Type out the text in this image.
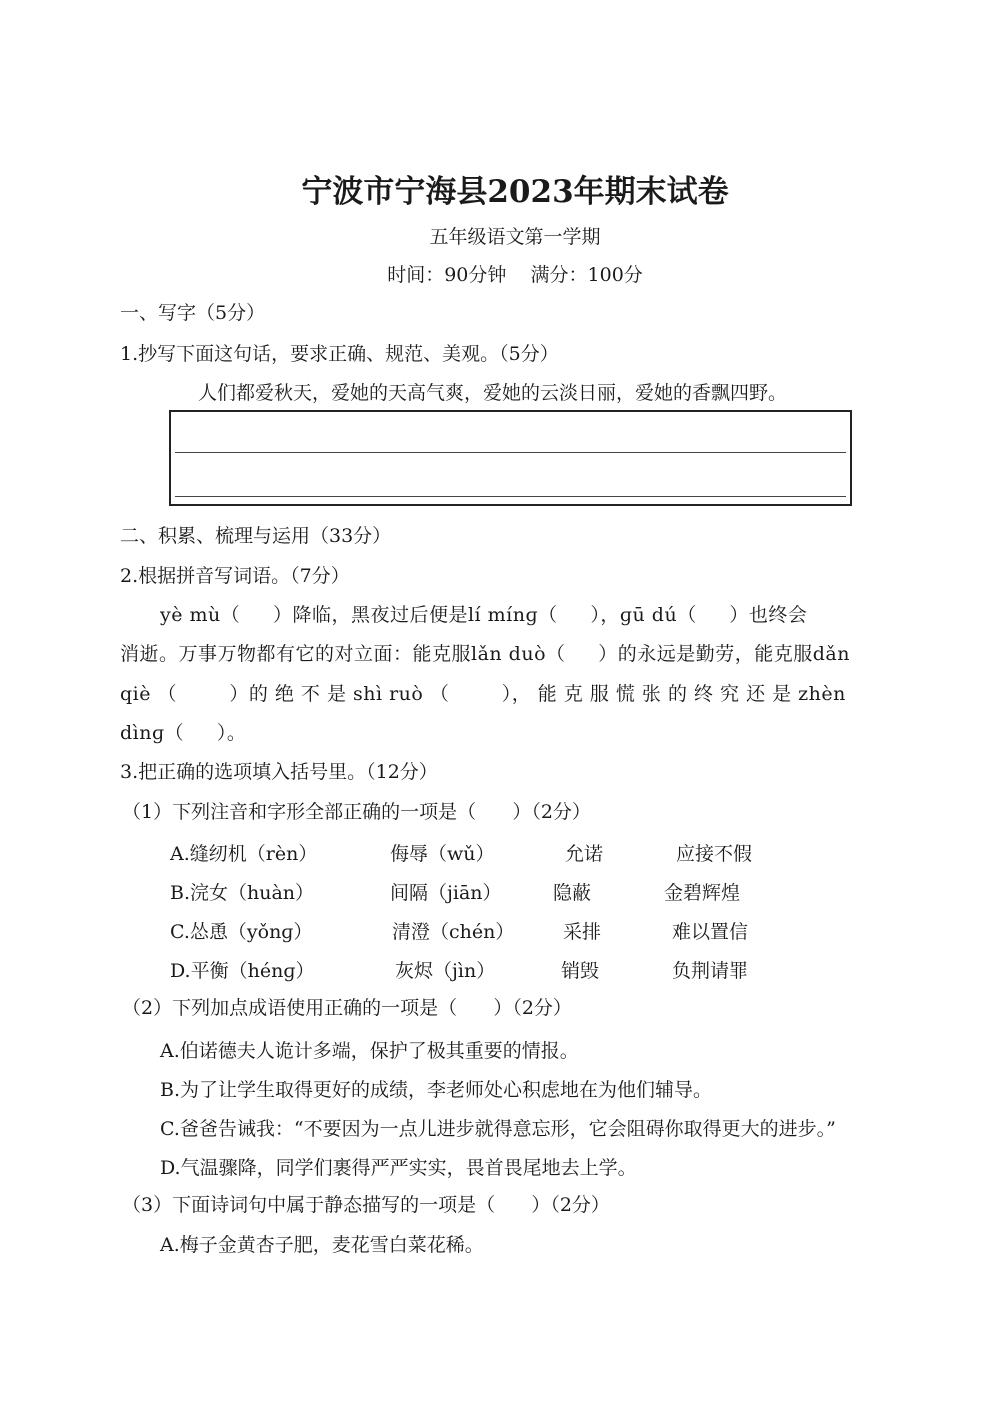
宁波市宁海县2023年期末试卷
五年级语文第一学期
时间：90分钟    满分：100分
一、写字（5分）
1.抄写下面这句话，要求正确、规范、美观。（5分）
人们都爱秋天，爱她的天高气爽，爱她的云淡日丽，爱她的香飘四野。
二、积累、梳理与运用（33分）
2.根据拼音写词语。（7分）
yè mù（     ）降临，黑夜过后便是lí mínɡ（     ），ɡū dú（     ）也终会
消逝。万事万物都有它的对立面：能克服lǎn duò（     ）的永远是勤劳，能克服dǎn
qiè （        ）的 绝 不 是 shì ruò （        ）， 能 克 服 慌 张 的 终 究 还 是 zhèn
dìnɡ（     ）。
3.把正确的选项填入括号里。（12分）
（1）下列注音和字形全部正确的一项是（      ）（2分）
A.缝纫机（rèn）	侮辱（wǔ）	允诺	应接不假
B.浣女（huàn）	间隔（jiān）	隐蔽	金碧辉煌
C.怂恿（yǒnɡ）	清澄（chén）	采排	难以置信
D.平衡（hénɡ）	灰烬（jìn）	销毁	负荆请罪
（2）下列加点成语使用正确的一项是（      ）（2分）
A.伯诺德夫人诡计多端，保护了极其重要的情报。
B.为了让学生取得更好的成绩，李老师处心积虑地在为他们辅导。
C.爸爸告诫我：“不要因为一点儿进步就得意忘形，它会阻碍你取得更大的进步。”
D.气温骤降，同学们裹得严严实实，畏首畏尾地去上学。
（3）下面诗词句中属于静态描写的一项是（      ）（2分）
A.梅子金黄杏子肥，麦花雪白菜花稀。
